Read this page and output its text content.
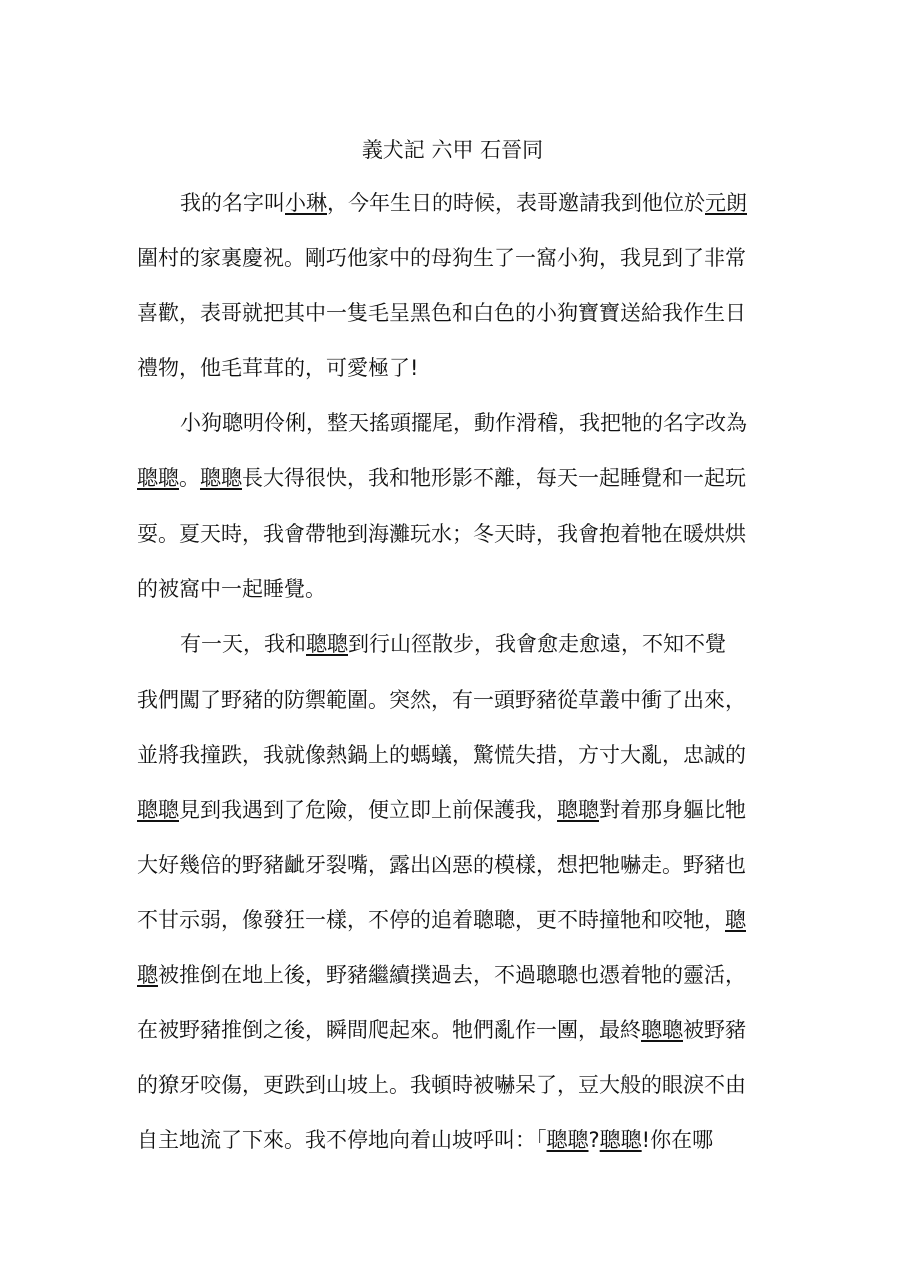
義犬記 六甲 石晉同
我的名字叫小琳，今年生日的時候，表哥邀請我到他位於元朗
圍村的家裏慶祝。剛巧他家中的母狗生了一窩小狗，我見到了非常
喜歡，表哥就把其中一隻毛呈黑色和白色的小狗寶寶送給我作生日
禮物，他毛茸茸的，可愛極了!
小狗聰明伶俐，整天搖頭擺尾，動作滑稽，我把牠的名字改為
聰聰。聰聰長大得很快，我和牠形影不離，每天一起睡覺和一起玩
耍。夏天時，我會帶牠到海灘玩水；冬天時，我會抱着牠在暖烘烘
的被窩中一起睡覺。
有一天，我和聰聰到行山徑散步，我會愈走愈遠，不知不覺
我們闖了野豬的防禦範圍。突然，有一頭野豬從草叢中衝了出來，
並將我撞跌，我就像熱鍋上的螞蟻，驚慌失措，方寸大亂，忠誠的
聰聰見到我遇到了危險，便立即上前保護我，聰聰對着那身軀比牠
大好幾倍的野豬齜牙裂嘴，露出凶惡的模樣，想把牠嚇走。野豬也
不甘示弱，像發狂一樣，不停的追着聰聰，更不時撞牠和咬牠，聰
聰被推倒在地上後，野豬繼續撲過去，不過聰聰也憑着牠的靈活，
在被野豬推倒之後，瞬間爬起來。牠們亂作一團，最終聰聰被野豬
的獠牙咬傷，更跌到山坡上。我頓時被嚇呆了，豆大般的眼淚不由
自主地流了下來。我不停地向着山坡呼叫：「聰聰?聰聰!你在哪
